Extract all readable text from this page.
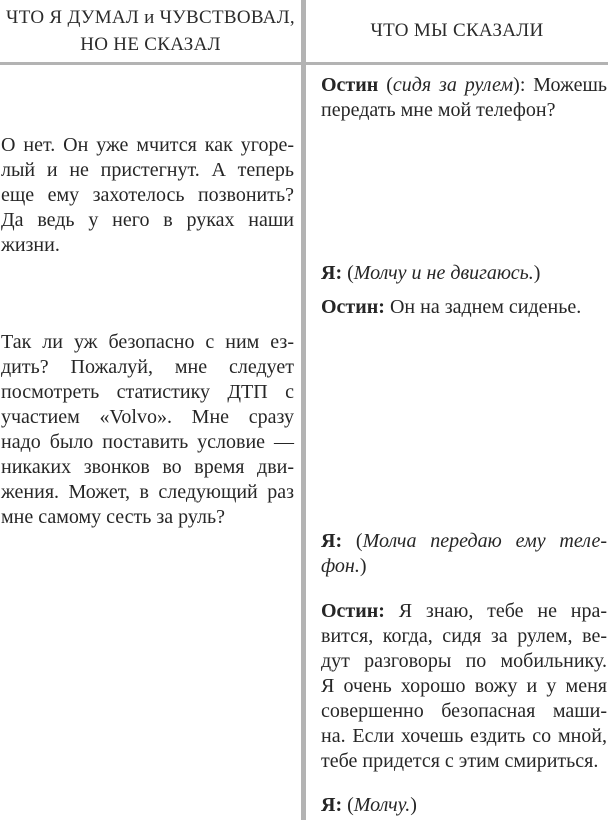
ЧТО Я ДУМАЛ и ЧУВСТВОВАЛ,
НО НЕ СКАЗАЛ
ЧТО МЫ СКАЗАЛИ
О нет. Он уже мчится как угоре-
лый и не пристегнут. А теперь
еще ему захотелось позвонить?
Да ведь у него в руках наши
жизни.
Так ли уж безопасно с ним ез-
дить? Пожалуй, мне следует
посмотреть статистику ДТП с
участием «Volvo». Мне сразу
надо было поставить условие —
никаких звонков во время дви-
жения. Может, в следующий раз
мне самому сесть за руль?
Остин (сидя за рулем): Можешь
передать мне мой телефон?
Я: (Молчу и не двигаюсь.)
Остин: Он на заднем сиденье.
Я: (Молча передаю ему теле-
фон.)
Остин: Я знаю, тебе не нра-
вится, когда, сидя за рулем, ве-
дут разговоры по мобильнику.
Я очень хорошо вожу и у меня
совершенно безопасная маши-
на. Если хочешь ездить со мной,
тебе придется с этим смириться.
Я: (Молчу.)
